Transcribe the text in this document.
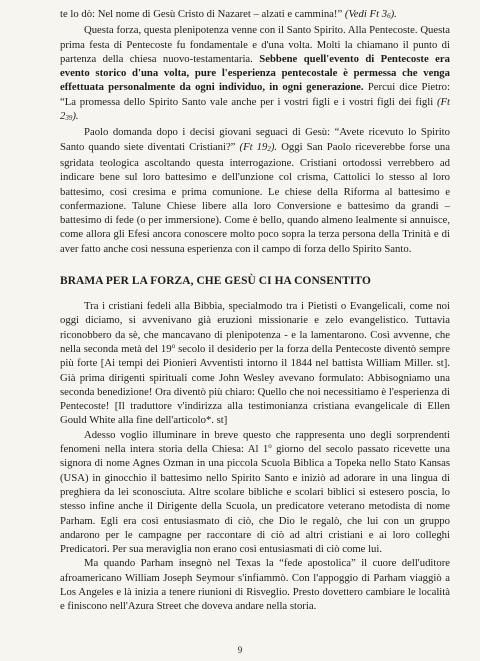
te lo dò: Nel nome di Gesù Cristo di Nazaret – alzati e cammina!” (Vedi Ft $3_6$).

Questa forza, questa plenipotenza venne con il Santo Spirito. Alla Pentecoste. Questa prima festa di Pentecoste fu fondamentale e d'una volta. Molti la chiamano il punto di partenza della chiesa nuovo-testamentaria. Sebbene quell'evento di Pentecoste era evento storico d'una volta, pure l'esperienza pentecostale è permessa che venga effettuata personalmente da ogni individuo, in ogni generazione. Percui dice Pietro: “La promessa dello Spirito Santo vale anche per i vostri figli e i vostri figli dei figli (Ft $2_{39}$).

Paolo domanda dopo i decisi giovani seguaci di Gesù: “Avete ricevuto lo Spirito Santo quando siete diventati Cristiani?” (Ft $19_2$). Oggi San Paolo riceverebbe forse una sgridata teologica ascoltando questa interrogazione. Cristiani ortodossi verrebbero ad indicare bene sul loro battesimo e dell'unzione col crisma, Cattolici lo stesso al loro battesimo, così cresima e prima comunione. Le chiese della Riforma al battesimo e confermazione. Talune Chiese libere alla loro Conversione e battesimo da grandi – battesimo di fede (o per immersione). Come è bello, quando almeno lealmente si annuisce, come allora gli Efesi ancora conoscere molto poco sopra la terza persona della Trinità e di aver fatto anche così nessuna esperienza con il campo di forza dello Spirito Santo.

BRAMA PER LA FORZA, CHE GESÙ CI HA CONSENTITO

Tra i cristiani fedeli alla Bibbia, specialmodo tra i Pietisti o Evangelicali, come noi oggi diciamo, si avvenivano già eruzioni missionarie e zelo evangelistico. Tuttavia riconobbero da sè, che mancavano di plenipotenza - e la lamentarono. Così avvenne, che nella seconda metà del 19$^o$ secolo il desiderio per la forza della Pentecoste diventò sempre più forte [Ai tempi dei Pionieri Avventisti intorno il 1844 nel battista William Miller. st]. Già prima dirigenti spirituali come John Wesley avevano formulato: Abbisogniamo una seconda benedizione! Ora diventò più chiaro: Quello che noi necessitiamo è l'esperienza di Pentecoste! [Il traduttore v'indirizza alla testimonianza cristiana evangelicale di Ellen Gould White alla fine dell'articolo*. st]

Adesso voglio illuminare in breve questo che rappresenta uno degli sorprendenti fenomeni nella intera storia della Chiesa: Al 1$^o$ giorno del secolo passato ricevette una signora di nome Agnes Ozman in una piccola Scuola Biblica a Topeka nello Stato Kansas (USA) in ginocchio il battesimo nello Spirito Santo e iniziò ad adorare in una lingua di preghiera da lei sconosciuta. Altre scolare bibliche e scolari biblici si estesero poscia, lo stesso infine anche il Dirigente della Scuola, un predicatore veterano metodista di nome Parham. Egli era così entusiasmato di ciò, che Dio le regalò, che lui con un gruppo andarono per le campagne per raccontare di ciò ad altri cristiani e ai loro colleghi Predicatori. Per sua meraviglia non erano così entusiasmati di ciò come lui.

Ma quando Parham insegnò nel Texas la “fede apostolica” il cuore dell'uditore afroamericano William Joseph Seymour s'infiammò. Con l'appoggio di Parham viaggiò a Los Angeles e là inizia a tenere riunioni di Risveglio. Presto dovettero cambiare le località e finiscono nell'Azura Street che doveva andare nella storia.

9
